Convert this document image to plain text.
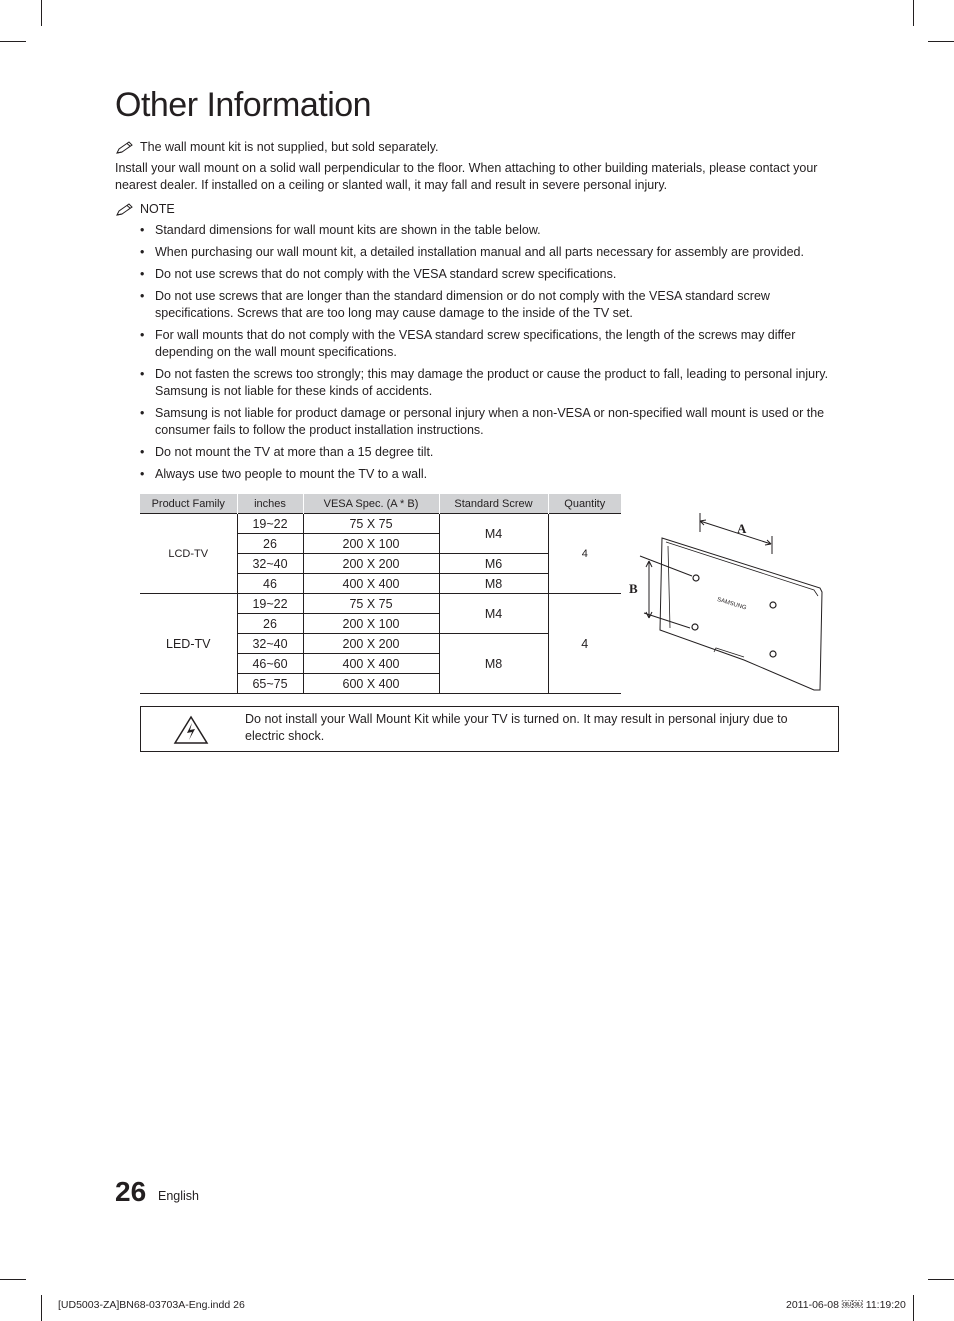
Other Information
The wall mount kit is not supplied, but sold separately.
Install your wall mount on a solid wall perpendicular to the floor. When attaching to other building materials, please contact your nearest dealer. If installed on a ceiling or slanted wall, it may fall and result in severe personal injury.
NOTE
• Standard dimensions for wall mount kits are shown in the table below.
• When purchasing our wall mount kit, a detailed installation manual and all parts necessary for assembly are provided.
• Do not use screws that do not comply with the VESA standard screw specifications.
• Do not use screws that are longer than the standard dimension or do not comply with the VESA standard screw specifications. Screws that are too long may cause damage to the inside of the TV set.
• For wall mounts that do not comply with the VESA standard screw specifications, the length of the screws may differ depending on the wall mount specifications.
• Do not fasten the screws too strongly; this may damage the product or cause the product to fall, leading to personal injury. Samsung is not liable for these kinds of accidents.
• Samsung is not liable for product damage or personal injury when a non-VESA or non-specified wall mount is used or the consumer fails to follow the product installation instructions.
• Do not mount the TV at more than a 15 degree tilt.
• Always use two people to mount the TV to a wall.
Product Family	inches	VESA Spec. (A * B)	Standard Screw	Quantity
LCD-TV	19~22	75 X 75	M4	4
	26	200 X 100		
	32~40	200 X 200	M6	
	46	400 X 400	M8	
LED-TV	19~22	75 X 75	M4	4
	26	200 X 100		
	32~40	200 X 200	M8	
	46~60	400 X 400		
	65~75	600 X 400		
SAMSUNG
A
B
Do not install your Wall Mount Kit while your TV is turned on. It may result in personal injury due to electric shock.
26 English
[UD5003-ZA]BN68-03703A-Eng.indd 26	2011-06-08 ￼￼ 11:19:20
